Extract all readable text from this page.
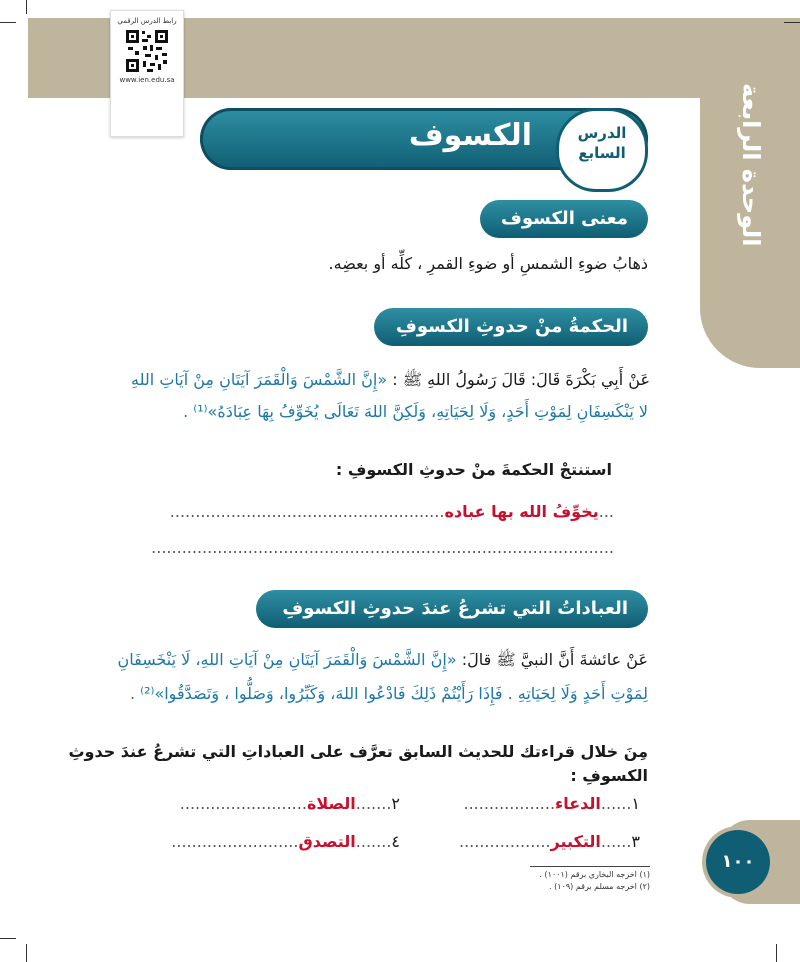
الوحدة الرابعة
رابط الدرس الرقمي
www.ien.edu.sa
الكسوف	الدرس
السابع
معنى الكسوف
ذهابُ ضوءِ الشمسِ أو ضوءِ القمرِ ، كلِّه أو بعضِه.
الحكمةُ منْ حدوثِ الكسوفِ
عَنْ أَبِي بَكْرَةَ قَالَ: قَالَ رَسُولُ اللهِ ﷺ : «إِنَّ الشَّمْسَ وَالْقَمَرَ آيَتَانِ مِنْ آيَاتِ اللهِ
لا يَنْكَسِفَانِ لِمَوْتِ أَحَدٍ، وَلَا لِحَيَاتِهِ، وَلَكِنَّ اللهَ تَعَالَى يُخَوِّفُ بِهَا عِبَادَهُ»⁽¹⁾ .
استنتجْ الحكمةَ منْ حدوثِ الكسوفِ :
...يخوِّفُ الله بها عباده......................................................
...........................................................................................
العباداتُ التي تشرعُ عندَ حدوثِ الكسوفِ
عَنْ عائشةَ أَنَّ النبيَّ ﷺ قالَ: «إِنَّ الشَّمْسَ وَالْقَمَرَ آيَتَانِ مِنْ آيَاتِ اللهِ، لَا يَنْخَسِفَانِ
لِمَوْتِ أَحَدٍ وَلَا لِحَيَاتِهِ . فَإِذَا رَأَيْتُمْ ذَلِكَ فَادْعُوا اللهَ، وَكَبِّرُوا، وَصَلُّوا ، وَتَصَدَّقُوا»⁽²⁾ .
مِنَ خلال قراءتك للحديث السابق تعرَّف على العباداتِ التي تشرعُ عندَ حدوثِ الكسوفِ :
١......الدعاء..................
٢.......الصلاة.........................
٣......التكبير..................
٤.......التصدق.........................
(١) اخرجه البخاري برقم (١٠٠١) .
(٢) اخرجه مسلم برقم (١٠٩) .
١٠٠
